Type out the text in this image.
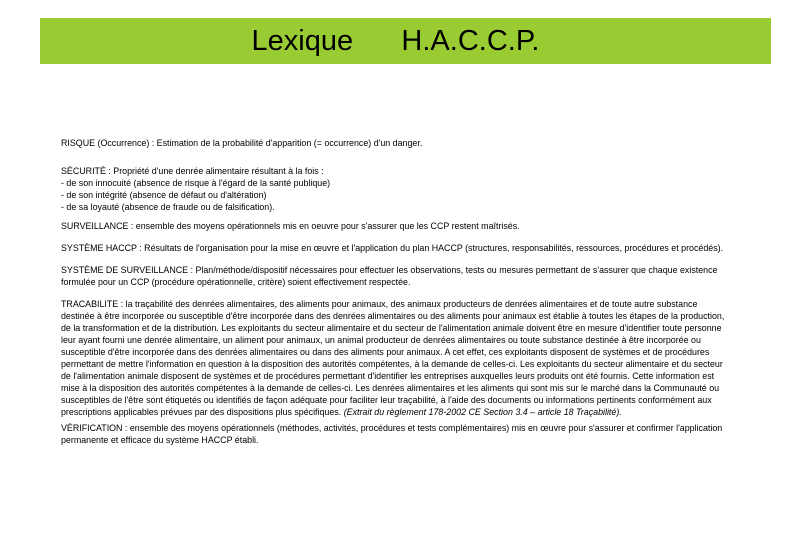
Lexique      H.A.C.C.P.

RISQUE (Occurrence) : Estimation de la probabilité d'apparition (= occurrence) d'un danger.

SÉCURITÉ : Propriété d'une denrée alimentaire résultant à la fois :
- de son innocuité (absence de risque à l'égard de la santé publique)
- de son intégrité (absence de défaut ou d'altération)
- de sa loyauté (absence de fraude ou de falsification).

SURVEILLANCE : ensemble des moyens opérationnels mis en oeuvre pour s'assurer que les CCP restent maîtrisés.

SYSTÈME HACCP : Résultats de l'organisation pour la mise en œuvre et l'application du plan HACCP (structures, responsabilités, ressources, procédures et procédés).

SYSTÈME DE SURVEILLANCE : Plan/méthode/dispositif nécessaires pour effectuer les observations, tests ou mesures permettant de s'assurer que chaque existence formulée pour un CCP (procédure opérationnelle, critère) soient effectivement respectée.

TRACABILITE : la traçabilité des denrées alimentaires, des aliments pour animaux, des animaux producteurs de denrées alimentaires et de toute autre substance destinée à être incorporée ou susceptible d'être incorporée dans des denrées alimentaires ou des aliments pour animaux est établie à toutes les étapes de la production, de la transformation et de la distribution. Les exploitants du secteur alimentaire et du secteur de l'alimentation animale doivent être en mesure d'identifier toute personne leur ayant fourni une denrée alimentaire, un aliment pour animaux, un animal producteur de denrées alimentaires ou toute substance destinée à être incorporée ou susceptible d'être incorporée dans des denrées alimentaires ou dans des aliments pour animaux. A cet effet, ces exploitants disposent de systèmes et de procédures permettant de mettre l'information en question à la disposition des autorités compétentes, à la demande de celles-ci. Les exploitants du secteur alimentaire et du secteur de l'alimentation animale disposent de systèmes et de procédures permettant d'identifier les entreprises auxquelles leurs produits ont été fournis. Cette information est mise à la disposition des autorités compétentes à la demande de celles-ci. Les denrées alimentaires et les aliments qui sont mis sur le marché dans la Communauté ou susceptibles de l'être sont étiquetés ou identifiés de façon adéquate pour faciliter leur traçabilité, à l'aide des documents ou informations pertinents conformément aux prescriptions applicables prévues par des dispositions plus spécifiques. (Extrait du règlement 178-2002 CE Section 3.4 – article 18 Traçabilité).

VÉRIFICATION : ensemble des moyens opérationnels (méthodes, activités, procédures et tests complémentaires) mis en œuvre pour s'assurer et confirmer l'application permanente et efficace du système HACCP établi.
